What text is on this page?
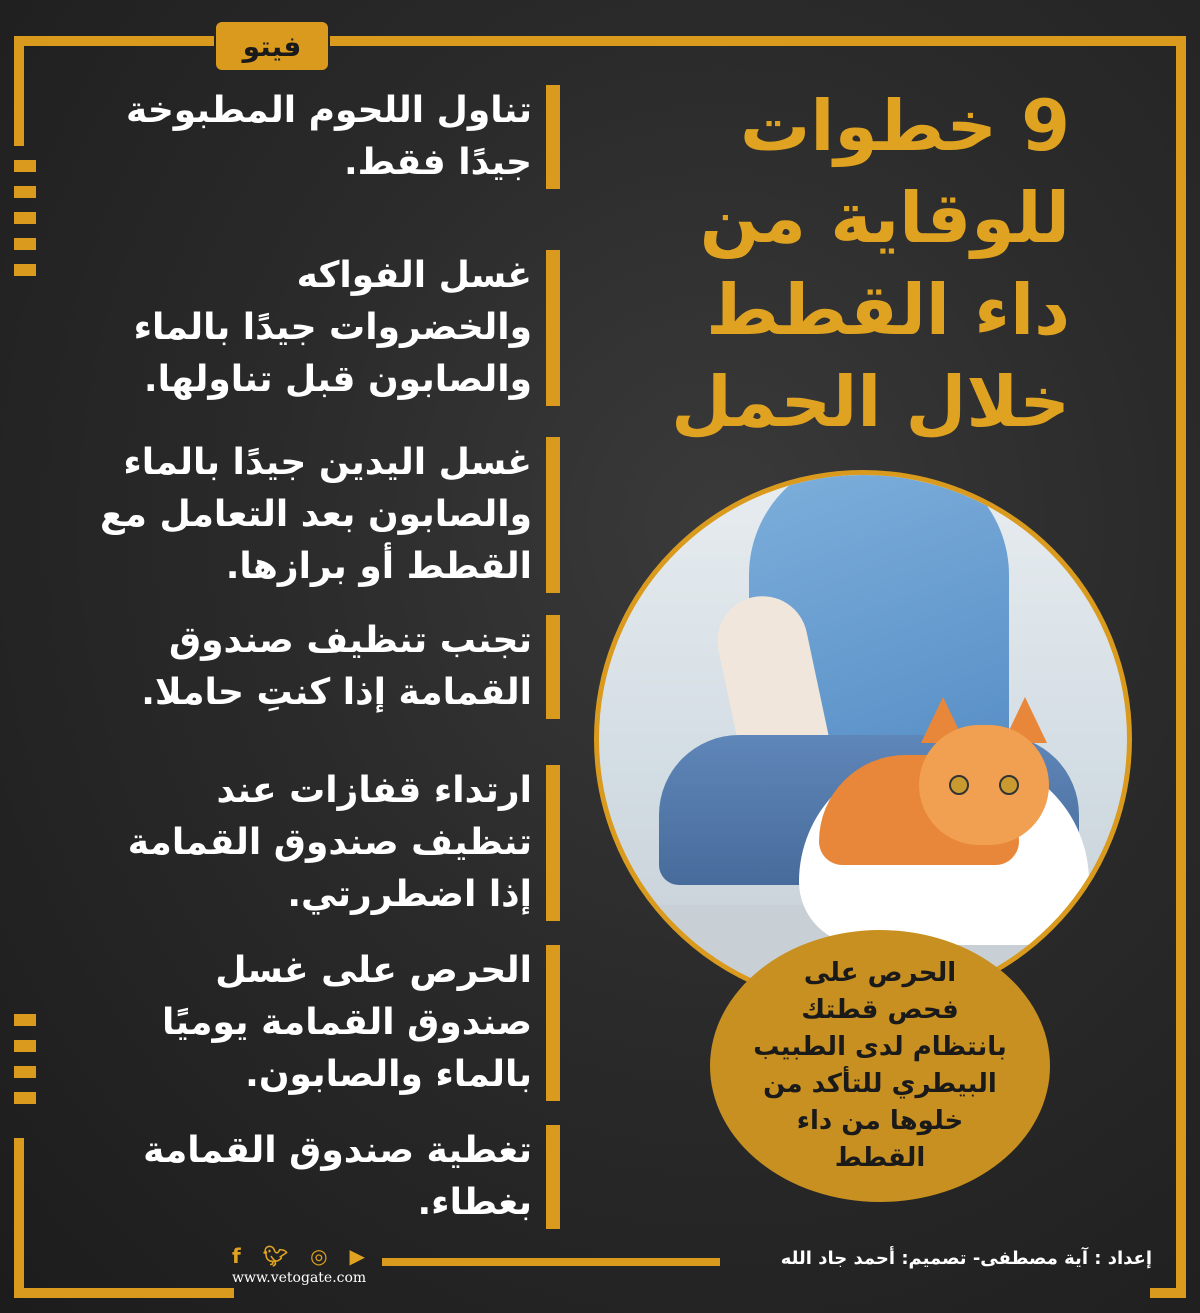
فيتو
9 خطوات
للوقاية من
داء القطط
خلال الحمل
تناول اللحوم المطبوخة
جيدًا فقط.
غسل الفواكه
والخضروات جيدًا بالماء
والصابون قبل تناولها.
غسل اليدين جيدًا بالماء
والصابون بعد التعامل مع
القطط أو برازها.
تجنب تنظيف صندوق
القمامة إذا كنتِ حاملا.
ارتداء قفازات عند
تنظيف صندوق القمامة
إذا اضطررتي.
الحرص على غسل
صندوق القمامة يوميًا
بالماء والصابون.
تغطية صندوق القمامة
بغطاء.
الحرص على
فحص قطتك
بانتظام لدى الطبيب
البيطري للتأكد من
خلوها من داء
القطط
f 🐦︎ ◎ ▶
www.vetogate.com
إعداد : آية مصطفى- تصميم: أحمد جاد الله
